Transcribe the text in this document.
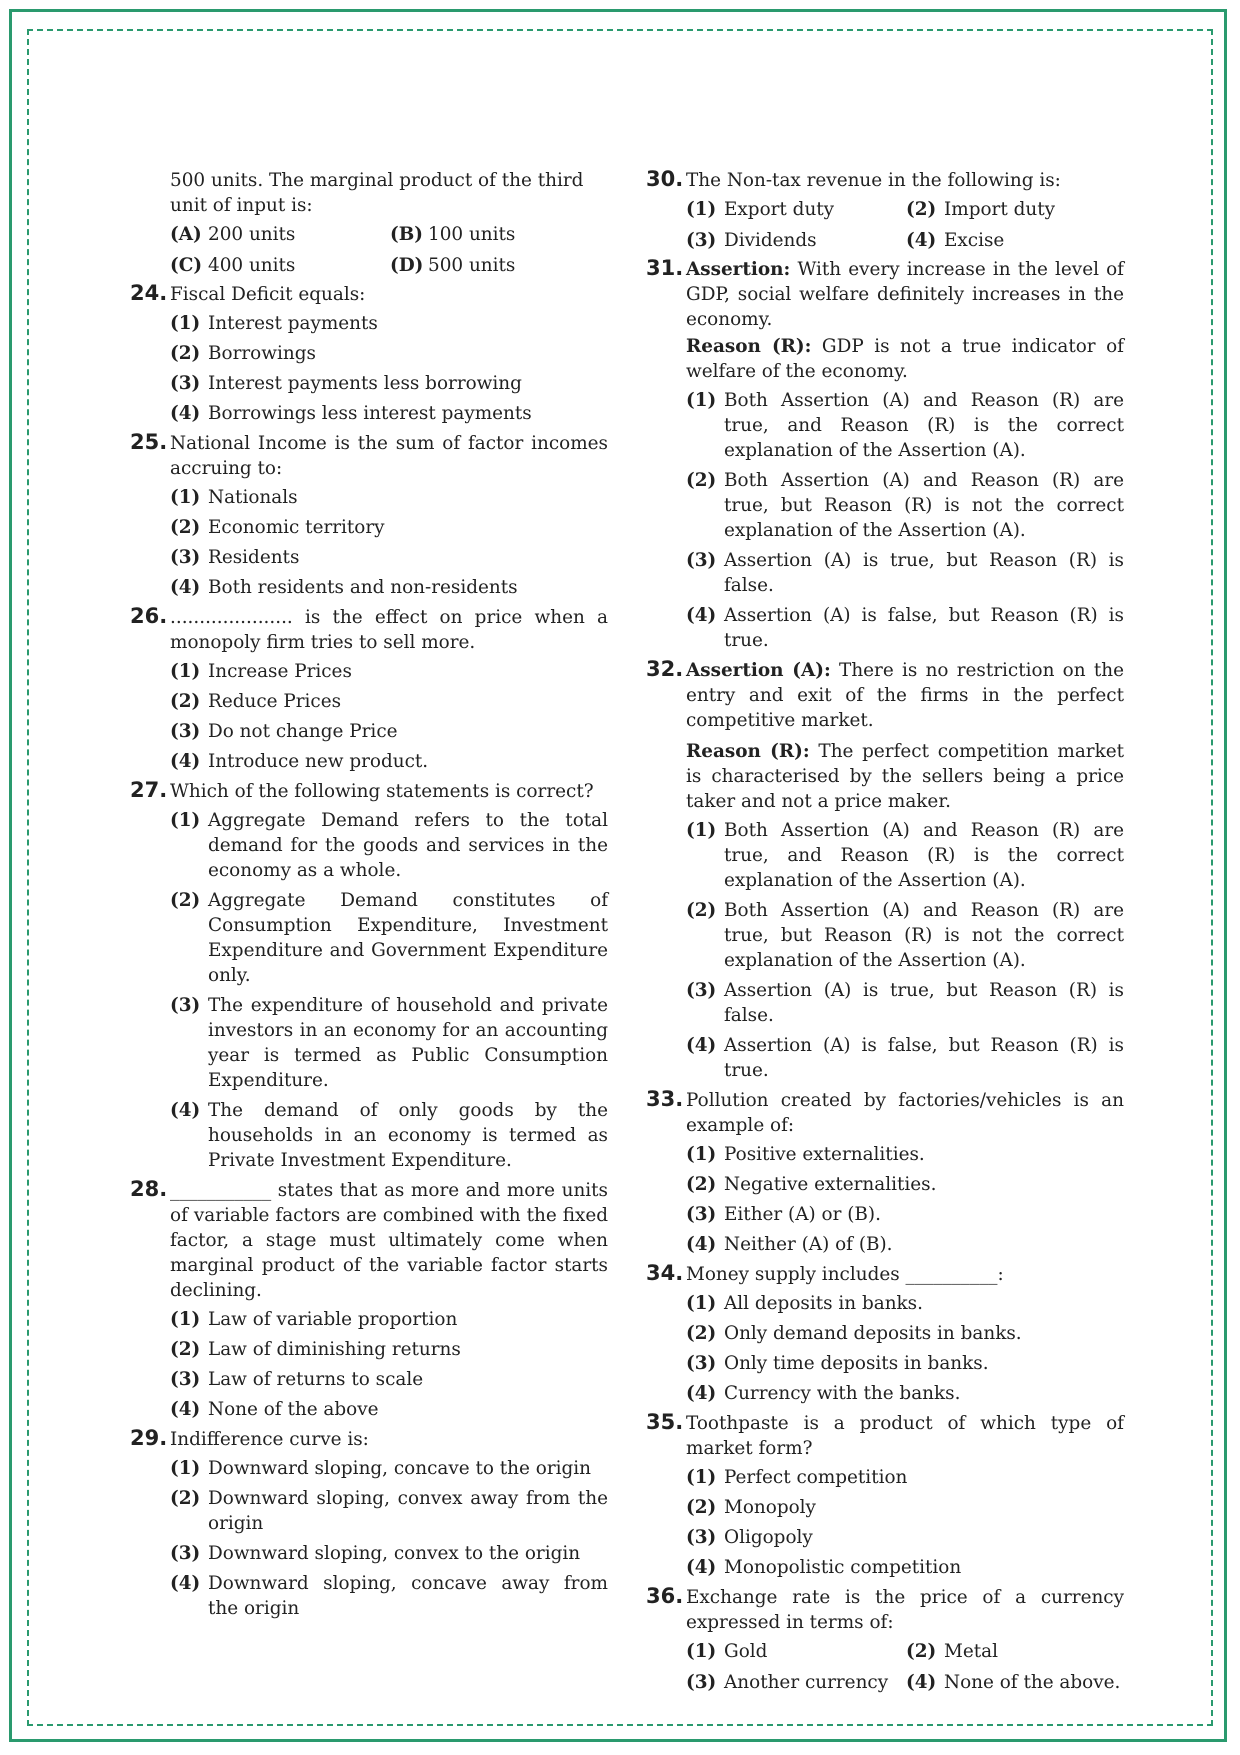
500 units. The marginal product of the third unit of input is:
(A) 200 units	(B) 100 units
(C) 400 units	(D) 500 units
24. Fiscal Deficit equals:
(1) Interest payments
(2) Borrowings
(3) Interest payments less borrowing
(4) Borrowings less interest payments
25. National Income is the sum of factor incomes accruing to:
(1) Nationals
(2) Economic territory
(3) Residents
(4) Both residents and non-residents
26. ..................... is the effect on price when a monopoly firm tries to sell more.
(1) Increase Prices
(2) Reduce Prices
(3) Do not change Price
(4) Introduce new product.
27. Which of the following statements is correct?
(1) Aggregate Demand refers to the total demand for the goods and services in the economy as a whole.
(2) Aggregate Demand constitutes of Consumption Expenditure, Investment Expenditure and Government Expenditure only.
(3) The expenditure of household and private investors in an economy for an accounting year is termed as Public Consumption Expenditure.
(4) The demand of only goods by the households in an economy is termed as Private Investment Expenditure.
28. ___________ states that as more and more units of variable factors are combined with the fixed factor, a stage must ultimately come when marginal product of the variable factor starts declining.
(1) Law of variable proportion
(2) Law of diminishing returns
(3) Law of returns to scale
(4) None of the above
29. Indifference curve is:
(1) Downward sloping, concave to the origin
(2) Downward sloping, convex away from the origin
(3) Downward sloping, convex to the origin
(4) Downward sloping, concave away from the origin
30. The Non-tax revenue in the following is:
(1) Export duty	(2) Import duty
(3) Dividends	(4) Excise
31. Assertion: With every increase in the level of GDP, social welfare definitely increases in the economy.
Reason (R): GDP is not a true indicator of welfare of the economy.
(1) Both Assertion (A) and Reason (R) are true, and Reason (R) is the correct explanation of the Assertion (A).
(2) Both Assertion (A) and Reason (R) are true, but Reason (R) is not the correct explanation of the Assertion (A).
(3) Assertion (A) is true, but Reason (R) is false.
(4) Assertion (A) is false, but Reason (R) is true.
32. Assertion (A): There is no restriction on the entry and exit of the firms in the perfect competitive market.
Reason (R): The perfect competition market is characterised by the sellers being a price taker and not a price maker.
(1) Both Assertion (A) and Reason (R) are true, and Reason (R) is the correct explanation of the Assertion (A).
(2) Both Assertion (A) and Reason (R) are true, but Reason (R) is not the correct explanation of the Assertion (A).
(3) Assertion (A) is true, but Reason (R) is false.
(4) Assertion (A) is false, but Reason (R) is true.
33. Pollution created by factories/vehicles is an example of:
(1) Positive externalities.
(2) Negative externalities.
(3) Either (A) or (B).
(4) Neither (A) of (B).
34. Money supply includes __________:
(1) All deposits in banks.
(2) Only demand deposits in banks.
(3) Only time deposits in banks.
(4) Currency with the banks.
35. Toothpaste is a product of which type of market form?
(1) Perfect competition
(2) Monopoly
(3) Oligopoly
(4) Monopolistic competition
36. Exchange rate is the price of a currency expressed in terms of:
(1) Gold	(2) Metal
(3) Another currency (4) None of the above.
